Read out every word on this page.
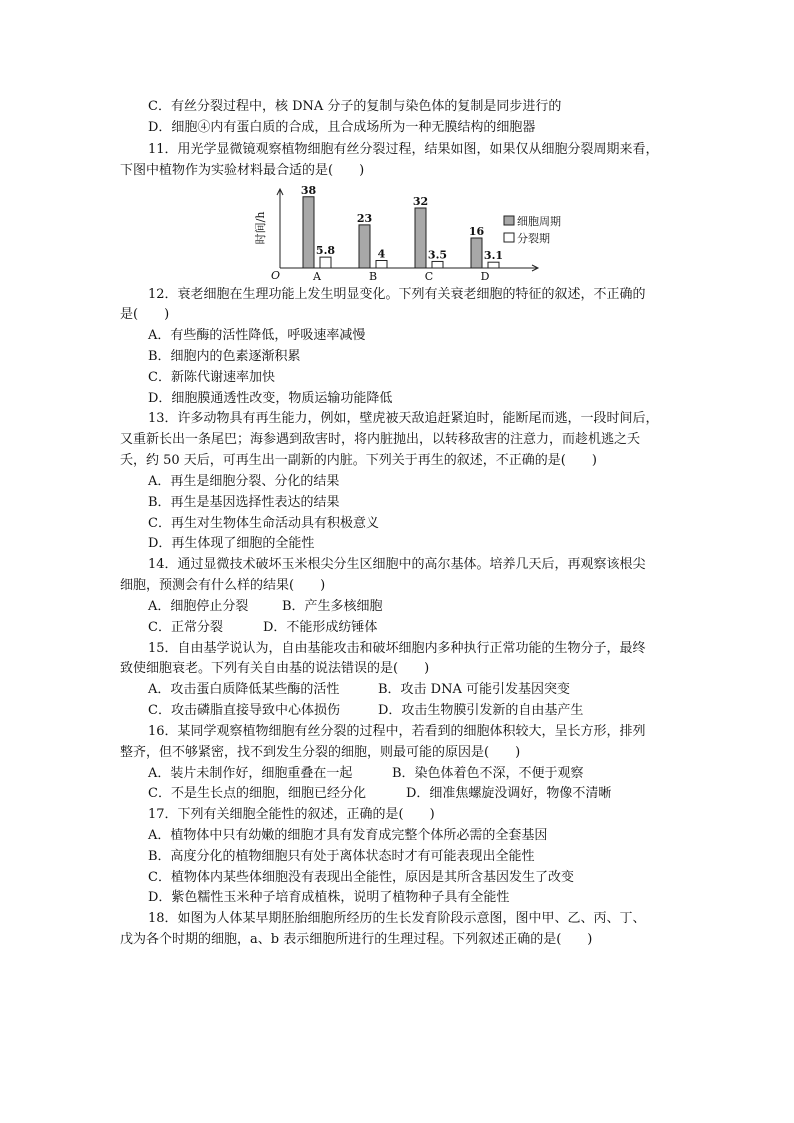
C．有丝分裂过程中，核 DNA 分子的复制与染色体的复制是同步进行的
D．细胞④内有蛋白质的合成，且合成场所为一种无膜结构的细胞器
11．用光学显微镜观察植物细胞有丝分裂过程，结果如图，如果仅从细胞分裂周期来看，
下图中植物作为实验材料最合适的是(　　)
O
时间/h
38
5.8
A
23
4
B
32
3.5
C
16
3.1
D
细胞周期
分裂期
12．衰老细胞在生理功能上发生明显变化。下列有关衰老细胞的特征的叙述，不正确的
是(　　)
A．有些酶的活性降低，呼吸速率减慢
B．细胞内的色素逐渐积累
C．新陈代谢速率加快
D．细胞膜通透性改变，物质运输功能降低
13．许多动物具有再生能力，例如，壁虎被天敌追赶紧迫时，能断尾而逃，一段时间后，
又重新长出一条尾巴；海参遇到敌害时，将内脏抛出，以转移敌害的注意力，而趁机逃之夭
夭，约 50 天后，可再生出一副新的内脏。下列关于再生的叙述，不正确的是(　　)
A．再生是细胞分裂、分化的结果
B．再生是基因选择性表达的结果
C．再生对生物体生命活动具有积极意义
D．再生体现了细胞的全能性
14．通过显微技术破坏玉米根尖分生区细胞中的高尔基体。培养几天后，再观察该根尖
细胞，预测会有什么样的结果(　　)
A．细胞停止分裂	B．产生多核细胞
C．正常分裂	D．不能形成纺锤体
15．自由基学说认为，自由基能攻击和破坏细胞内多种执行正常功能的生物分子，最终
致使细胞衰老。下列有关自由基的说法错误的是(　　)
A．攻击蛋白质降低某些酶的活性	B．攻击 DNA 可能引发基因突变
C．攻击磷脂直接导致中心体损伤	D．攻击生物膜引发新的自由基产生
16．某同学观察植物细胞有丝分裂的过程中，若看到的细胞体积较大，呈长方形，排列
整齐，但不够紧密，找不到发生分裂的细胞，则最可能的原因是(　　)
A．装片未制作好，细胞重叠在一起	B．染色体着色不深，不便于观察
C．不是生长点的细胞，细胞已经分化	D．细准焦螺旋没调好，物像不清晰
17．下列有关细胞全能性的叙述，正确的是(　　)
A．植物体中只有幼嫩的细胞才具有发育成完整个体所必需的全套基因
B．高度分化的植物细胞只有处于离体状态时才有可能表现出全能性
C．植物体内某些体细胞没有表现出全能性，原因是其所含基因发生了改变
D．紫色糯性玉米种子培育成植株，说明了植物种子具有全能性
18．如图为人体某早期胚胎细胞所经历的生长发育阶段示意图，图中甲、乙、丙、丁、
戊为各个时期的细胞，a、b 表示细胞所进行的生理过程。下列叙述正确的是(　　)
